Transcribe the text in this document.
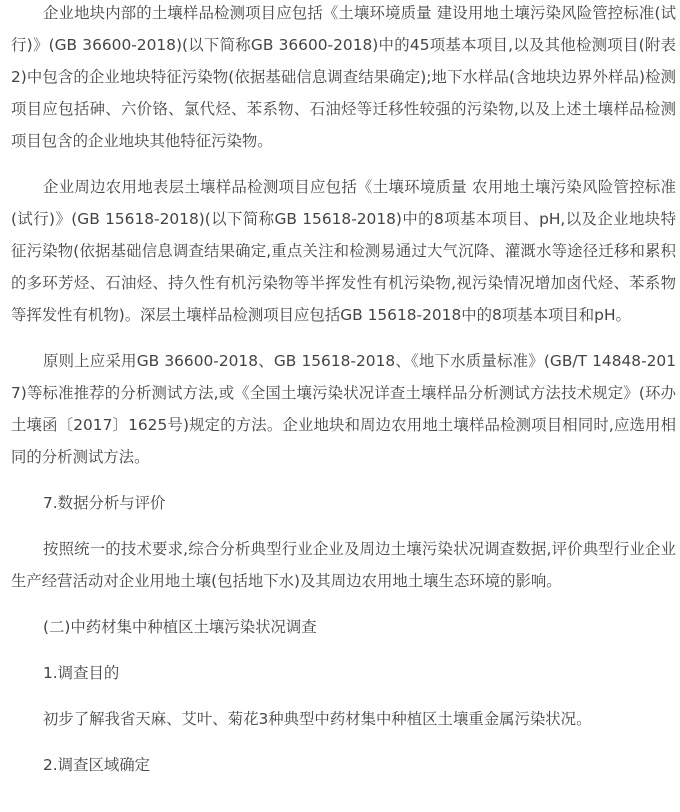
企业地块内部的土壤样品检测项目应包括《土壤环境质量 建设用地土壤污染风险管控标准(试行)》(GB 36600-2018)(以下简称GB 36600-2018)中的45项基本项目,以及其他检测项目(附表2)中包含的企业地块特征污染物(依据基础信息调查结果确定);地下水样品(含地块边界外样品)检测项目应包括砷、六价铬、氯代烃、苯系物、石油烃等迁移性较强的污染物,以及上述土壤样品检测项目包含的企业地块其他特征污染物。

企业周边农用地表层土壤样品检测项目应包括《土壤环境质量 农用地土壤污染风险管控标准(试行)》(GB 15618-2018)(以下简称GB 15618-2018)中的8项基本项目、pH,以及企业地块特征污染物(依据基础信息调查结果确定,重点关注和检测易通过大气沉降、灌溉水等途径迁移和累积的多环芳烃、石油烃、持久性有机污染物等半挥发性有机污染物,视污染情况增加卤代烃、苯系物等挥发性有机物)。深层土壤样品检测项目应包括GB 15618-2018中的8项基本项目和pH。

原则上应采用GB 36600-2018、GB 15618-2018、《地下水质量标准》(GB/T 14848-2017)等标准推荐的分析测试方法,或《全国土壤污染状况详查土壤样品分析测试方法技术规定》(环办土壤函〔2017〕1625号)规定的方法。企业地块和周边农用地土壤样品检测项目相同时,应选用相同的分析测试方法。

7.数据分析与评价

按照统一的技术要求,综合分析典型行业企业及周边土壤污染状况调查数据,评价典型行业企业生产经营活动对企业用地土壤(包括地下水)及其周边农用地土壤生态环境的影响。

(二)中药材集中种植区土壤污染状况调查

1.调查目的

初步了解我省天麻、艾叶、菊花3种典型中药材集中种植区土壤重金属污染状况。

2.调查区域确定
